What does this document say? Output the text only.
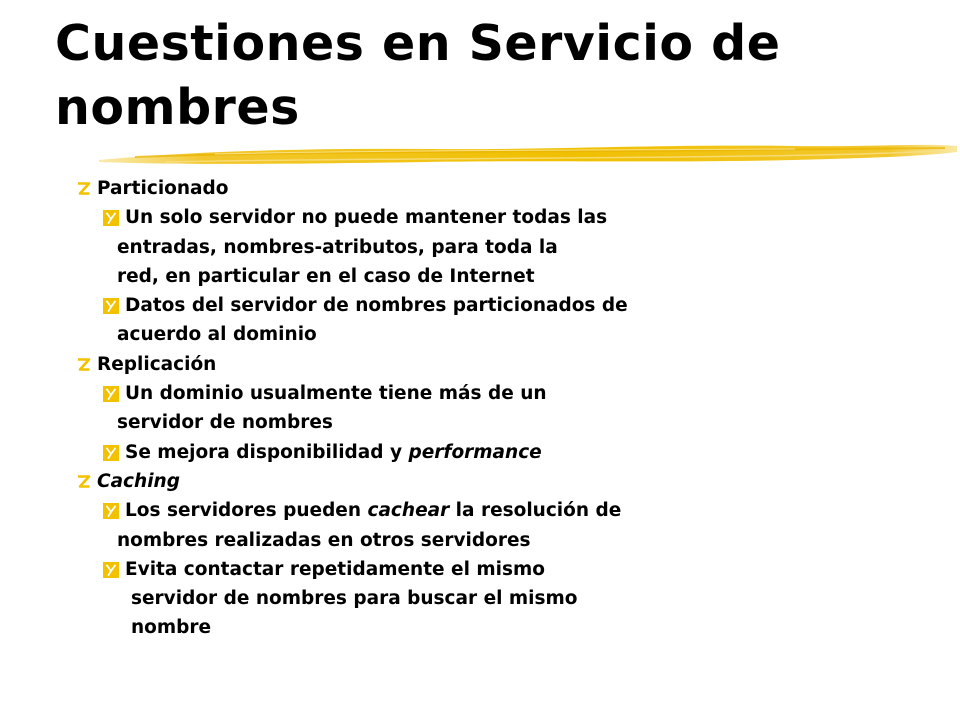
Cuestiones en Servicio de nombres
Particionado
Un solo servidor no puede mantener todas las
entradas, nombres-atributos, para toda la
red, en particular en el caso de Internet
Datos del servidor de nombres particionados de
acuerdo al dominio
Replicación
Un dominio usualmente tiene más de un
servidor de nombres
Se mejora disponibilidad y performance
Caching
Los servidores pueden cachear la resolución de
nombres realizadas en otros servidores
Evita contactar repetidamente el mismo
servidor de nombres para buscar el mismo
nombre
